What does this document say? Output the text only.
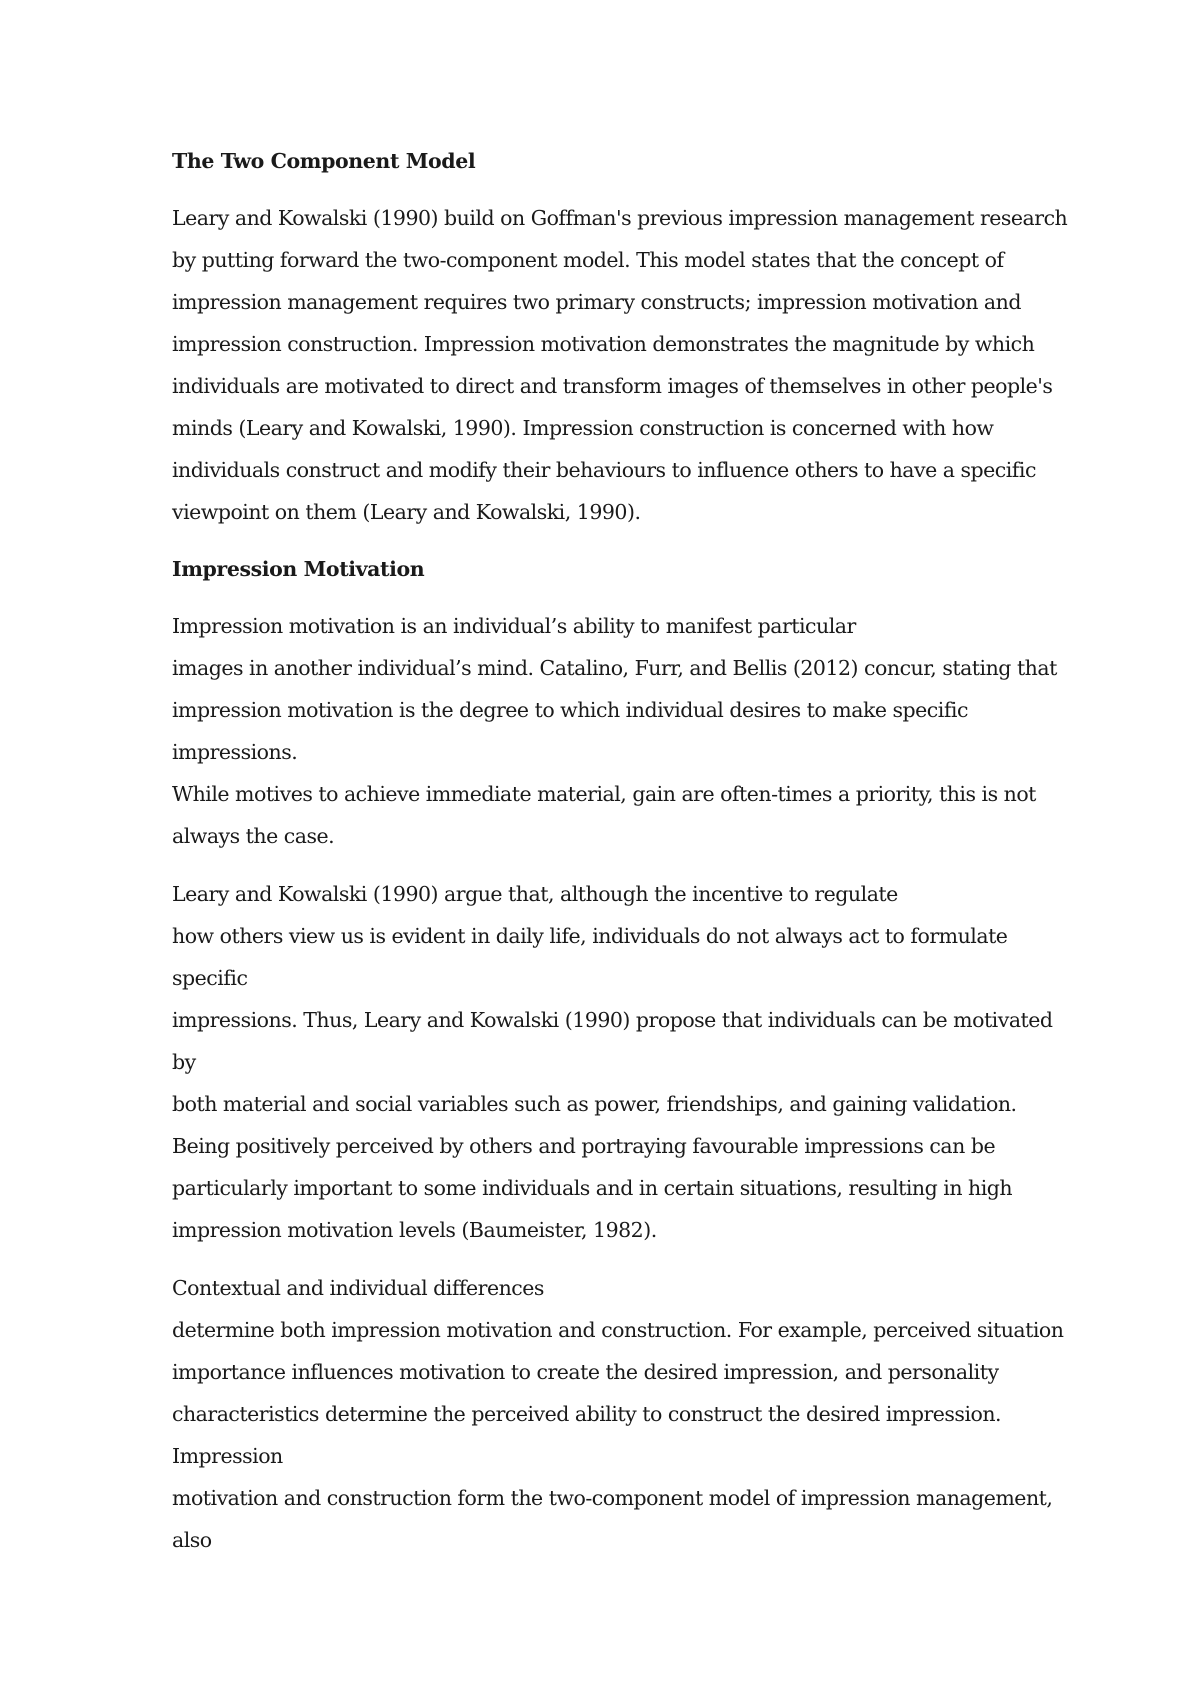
The Two Component Model
Leary and Kowalski (1990) build on Goffman's previous impression management research
by putting forward the two-component model. This model states that the concept of
impression management requires two primary constructs; impression motivation and
impression construction. Impression motivation demonstrates the magnitude by which
individuals are motivated to direct and transform images of themselves in other people's
minds (Leary and Kowalski, 1990). Impression construction is concerned with how
individuals construct and modify their behaviours to influence others to have a specific
viewpoint on them (Leary and Kowalski, 1990).
Impression Motivation
Impression motivation is an individual’s ability to manifest particular
images in another individual’s mind. Catalino, Furr, and Bellis (2012) concur, stating that
impression motivation is the degree to which individual desires to make specific
impressions.
While motives to achieve immediate material, gain are often-times a priority, this is not
always the case.
Leary and Kowalski (1990) argue that, although the incentive to regulate
how others view us is evident in daily life, individuals do not always act to formulate
specific
impressions. Thus, Leary and Kowalski (1990) propose that individuals can be motivated
by
both material and social variables such as power, friendships, and gaining validation.
Being positively perceived by others and portraying favourable impressions can be
particularly important to some individuals and in certain situations, resulting in high
impression motivation levels (Baumeister, 1982).
Contextual and individual differences
determine both impression motivation and construction. For example, perceived situation
importance influences motivation to create the desired impression, and personality
characteristics determine the perceived ability to construct the desired impression.
Impression
motivation and construction form the two-component model of impression management,
also
